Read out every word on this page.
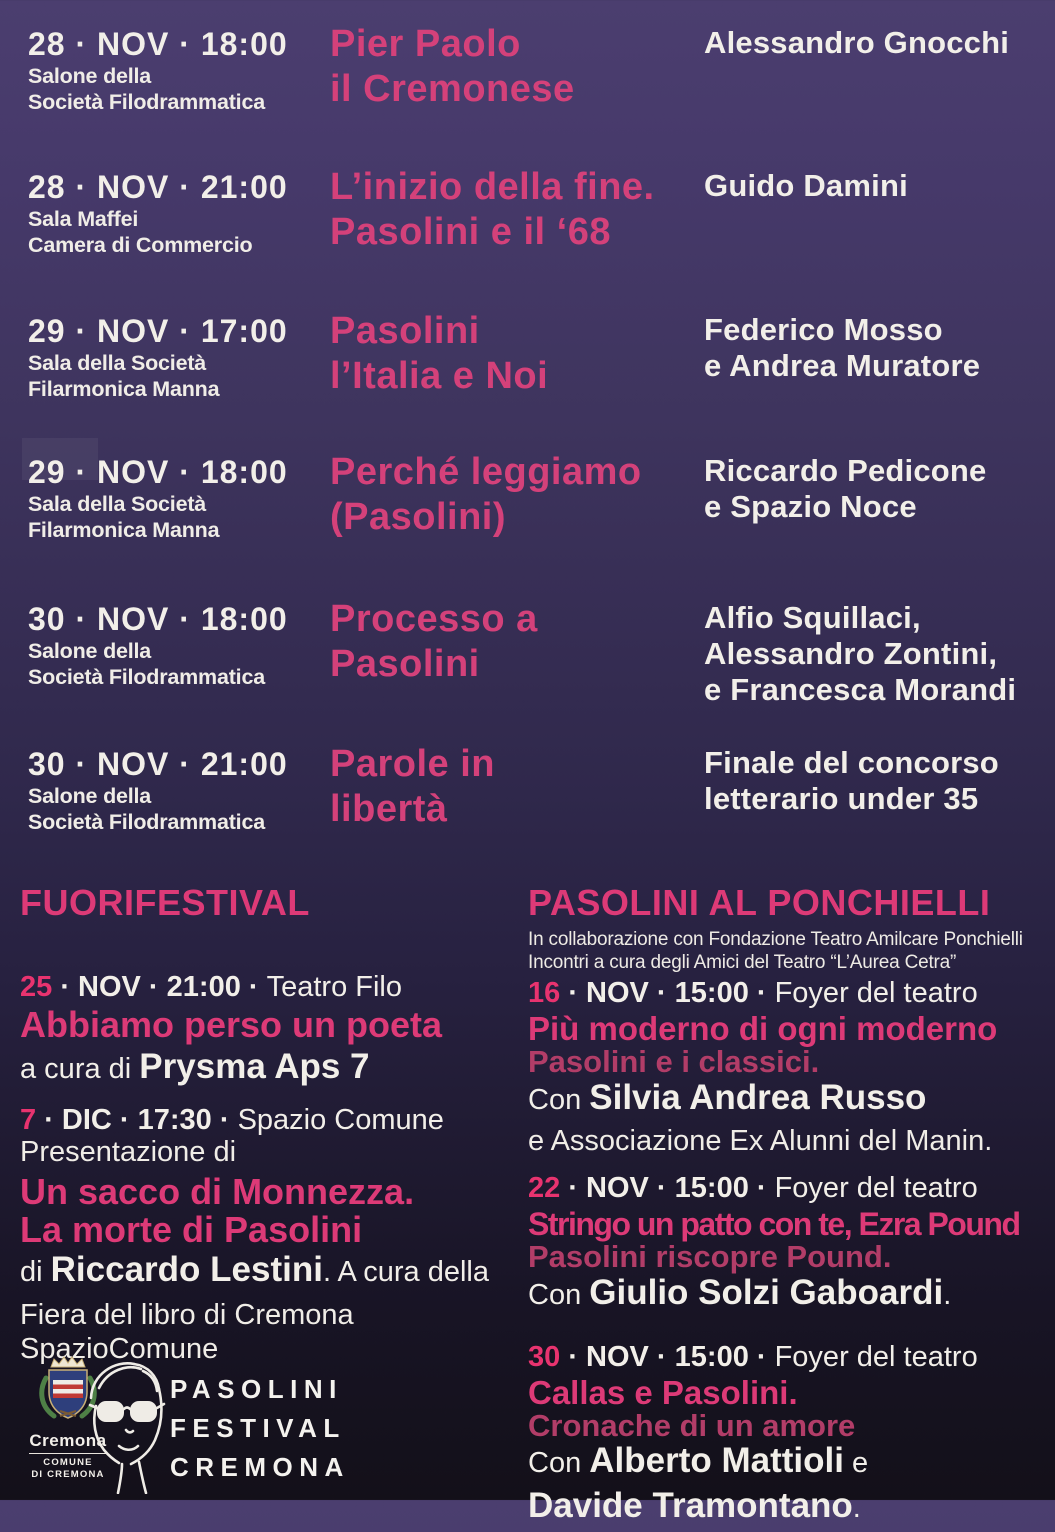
28 · NOV · 18:00
Salone della
Società Filodrammatica
Pier Paolo
il Cremonese
Alessandro Gnocchi
28 · NOV · 21:00
Sala Maffei
Camera di Commercio
L’inizio della fine.
Pasolini e il ‘68
Guido Damini
29 · NOV · 17:00
Sala della Società
Filarmonica Manna
Pasolini
l’Italia e Noi
Federico Mosso
e Andrea Muratore
29 · NOV · 18:00
Sala della Società
Filarmonica Manna
Perché leggiamo
(Pasolini)
Riccardo Pedicone
e Spazio Noce
30 · NOV · 18:00
Salone della
Società Filodrammatica
Processo a
Pasolini
Alfio Squillaci,
Alessandro Zontini,
e Francesca Morandi
30 · NOV · 21:00
Salone della
Società Filodrammatica
Parole in
libertà
Finale del concorso
letterario under 35
FUORIFESTIVAL
25 · NOV · 21:00 · Teatro Filo
Abbiamo perso un poeta
a cura di Prysma Aps 7
7 · DIC · 17:30 · Spazio Comune
Presentazione di
Un sacco di Monnezza.
La morte di Pasolini
di Riccardo Lestini. A cura della
Fiera del libro di Cremona
SpazioComune
PASOLINI AL PONCHIELLI
In collaborazione con Fondazione Teatro Amilcare Ponchielli
Incontri a cura degli Amici del Teatro “L’Aurea Cetra”
16 · NOV · 15:00 · Foyer del teatro
Più moderno di ogni moderno
Pasolini e i classici.
Con Silvia Andrea Russo
e Associazione Ex Alunni del Manin.
22 · NOV · 15:00 · Foyer del teatro
Stringo un patto con te, Ezra Pound
Pasolini riscopre Pound.
Con Giulio Solzi Gaboardi.
30 · NOV · 15:00 · Foyer del teatro
Callas e Pasolini.
Cronache di un amore
Con Alberto Mattioli e
Davide Tramontano.
Cremona
COMUNE
DI CREMONA
PASOLINI
FESTIVAL
CREMONA
